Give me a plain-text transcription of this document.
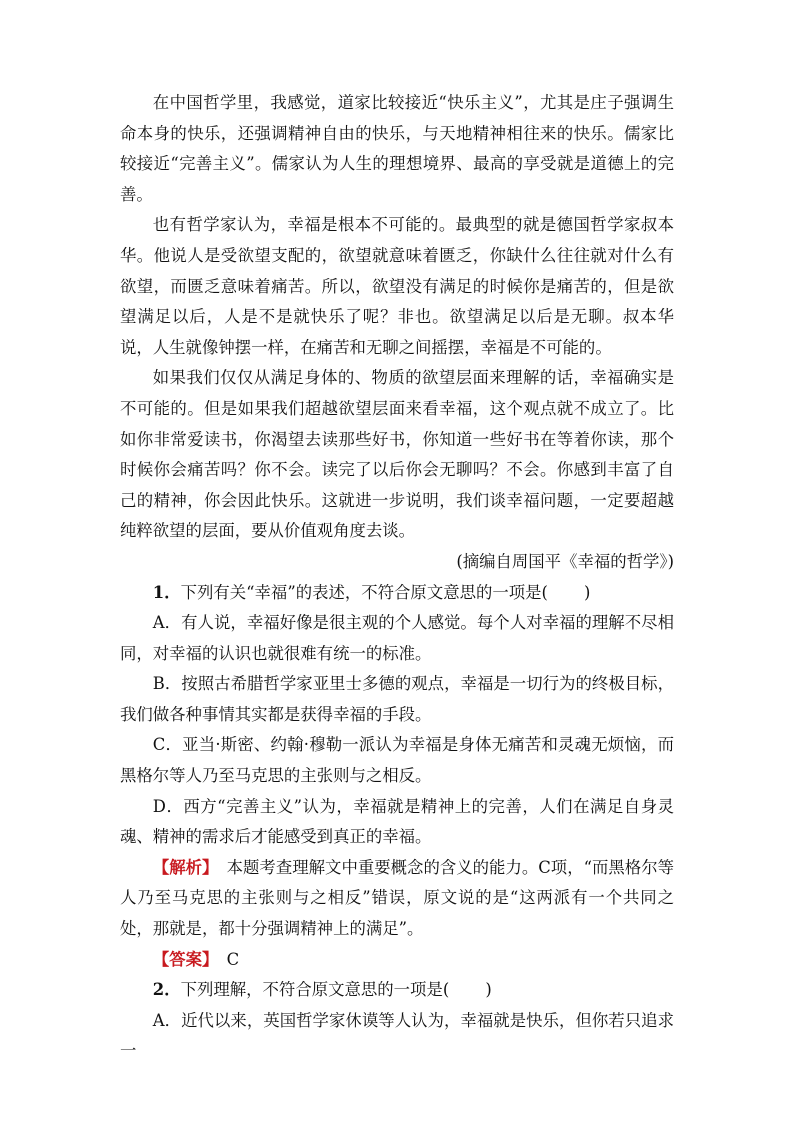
在中国哲学里，我感觉，道家比较接近“快乐主义”，尤其是庄子强调生命本身的快乐，还强调精神自由的快乐，与天地精神相往来的快乐。儒家比较接近“完善主义”。儒家认为人生的理想境界、最高的享受就是道德上的完善。

也有哲学家认为，幸福是根本不可能的。最典型的就是德国哲学家叔本华。他说人是受欲望支配的，欲望就意味着匮乏，你缺什么往往就对什么有欲望，而匮乏意味着痛苦。所以，欲望没有满足的时候你是痛苦的，但是欲望满足以后，人是不是就快乐了呢？非也。欲望满足以后是无聊。叔本华说，人生就像钟摆一样，在痛苦和无聊之间摇摆，幸福是不可能的。

如果我们仅仅从满足身体的、物质的欲望层面来理解的话，幸福确实是不可能的。但是如果我们超越欲望层面来看幸福，这个观点就不成立了。比如你非常爱读书，你渴望去读那些好书，你知道一些好书在等着你读，那个时候你会痛苦吗？你不会。读完了以后你会无聊吗？不会。你感到丰富了自己的精神，你会因此快乐。这就进一步说明，我们谈幸福问题，一定要超越纯粹欲望的层面，要从价值观角度去谈。

(摘编自周国平《幸福的哲学》)

1．下列有关“幸福”的表述，不符合原文意思的一项是( )

A．有人说，幸福好像是很主观的个人感觉。每个人对幸福的理解不尽相同，对幸福的认识也就很难有统一的标准。

B．按照古希腊哲学家亚里士多德的观点，幸福是一切行为的终极目标，我们做各种事情其实都是获得幸福的手段。

C．亚当·斯密、约翰·穆勒一派认为幸福是身体无痛苦和灵魂无烦恼，而黑格尔等人乃至马克思的主张则与之相反。

D．西方“完善主义”认为，幸福就是精神上的完善，人们在满足自身灵魂、精神的需求后才能感受到真正的幸福。

【解析】　 本题考查理解文中重要概念的含义的能力。C项，“而黑格尔等人乃至马克思的主张则与之相反”错误，原文说的是“这两派有一个共同之处，那就是，都十分强调精神上的满足”。

【答案】　 C

2．下列理解，不符合原文意思的一项是( )

A．近代以来，英国哲学家休谟等人认为，幸福就是快乐，但你若只追求一
